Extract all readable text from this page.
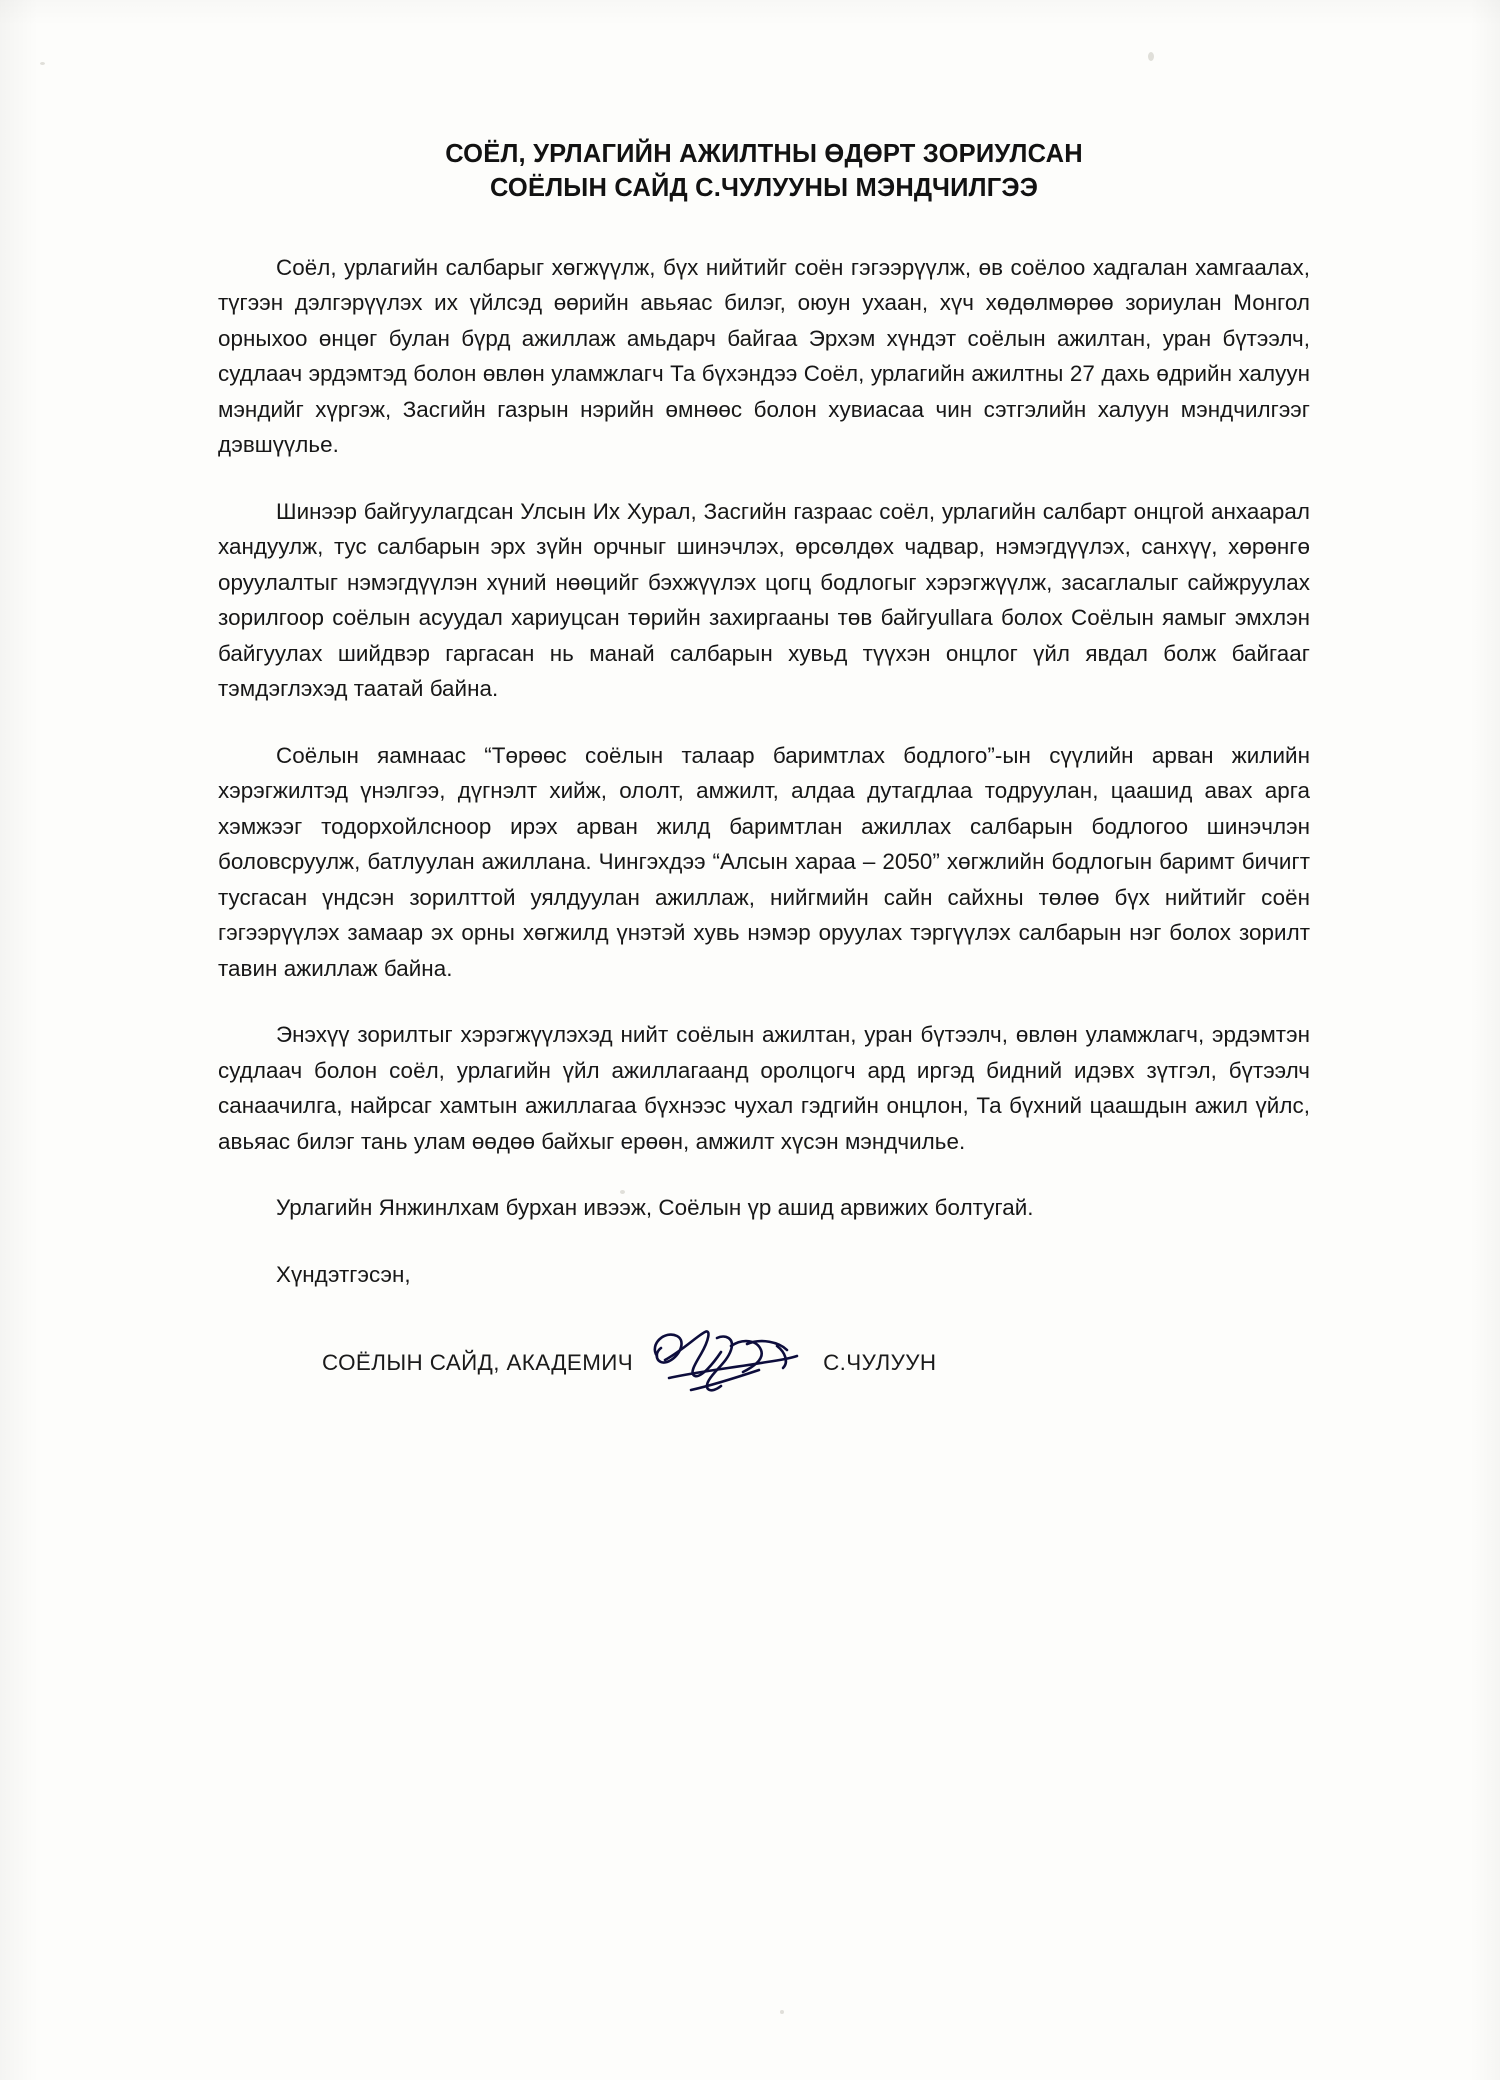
СОЁЛ, УРЛАГИЙН АЖИЛТНЫ ӨДӨРТ ЗОРИУЛСАН
СОЁЛЫН САЙД С.ЧУЛУУНЫ МЭНДЧИЛГЭЭ

Соёл, урлагийн салбарыг хөгжүүлж, бүх нийтийг соён гэгээрүүлж, өв соёлоо хадгалан хамгаалах, түгээн дэлгэрүүлэх их үйлсэд өөрийн авьяас билэг, оюун ухаан, хүч хөдөлмөрөө зориулан Монгол орныхоо өнцөг булан бүрд ажиллаж амьдарч байгаа Эрхэм хүндэт соёлын ажилтан, уран бүтээлч, судлаач эрдэмтэд болон өвлөн уламжлагч Та бүхэндээ Соёл, урлагийн ажилтны 27 дахь өдрийн халуун мэндийг хүргэж, Засгийн газрын нэрийн өмнөөс болон хувиасаа чин сэтгэлийн халуун мэндчилгээг дэвшүүлье.

Шинээр байгуулагдсан Улсын Их Хурал, Засгийн газраас соёл, урлагийн салбарт онцгой анхаарал хандуулж, тус салбарын эрх зүйн орчныг шинэчлэх, өрсөлдөх чадвар, нэмэгдүүлэх, санхүү, хөрөнгө оруулалтыг нэмэгдүүлэн хүний нөөцийг бэхжүүлэх цогц бодлогыг хэрэгжүүлж, засаглалыг сайжруулах зорилгоор соёлын асуудал хариуцсан төрийн захиргааны төв байгуullага болох Соёлын яамыг эмхлэн байгуулах шийдвэр гаргасан нь манай салбарын хувьд түүхэн онцлог үйл явдал болж байгааг тэмдэглэхэд таатай байна.

Соёлын яамнаас “Төрөөс соёлын талаар баримтлах бодлого”-ын сүүлийн арван жилийн хэрэгжилтэд үнэлгээ, дүгнэлт хийж, ололт, амжилт, алдаа дутагдлаа тодруулан, цаашид авах арга хэмжээг тодорхойлсноор ирэх арван жилд баримтлан ажиллах салбарын бодлогоо шинэчлэн боловсруулж, батлуулан ажиллана. Чингэхдээ “Алсын хараа – 2050” хөгжлийн бодлогын баримт бичигт тусгасан үндсэн зорилттой уялдуулан ажиллаж, нийгмийн сайн сайхны төлөө бүх нийтийг соён гэгээрүүлэх замаар эх орны хөгжилд үнэтэй хувь нэмэр оруулах тэргүүлэх салбарын нэг болох зорилт тавин ажиллаж байна.

Энэхүү зорилтыг хэрэгжүүлэхэд нийт соёлын ажилтан, уран бүтээлч, өвлөн уламжлагч, эрдэмтэн судлаач болон соёл, урлагийн үйл ажиллагаанд оролцогч ард иргэд бидний идэвх зүтгэл, бүтээлч санаачилга, найрсаг хамтын ажиллагаа бүхнээс чухал гэдгийн онцлон, Та бүхний цаашдын ажил үйлс, авьяас билэг тань улам өөдөө байхыг ерөөн, амжилт хүсэн мэндчилье.

Урлагийн Янжинлхам бурхан ивээж, Соёлын үр ашид арвижих болтугай.

Хүндэтгэсэн,

СОЁЛЫН САЙД, АКАДЕМИЧ	С.ЧУЛУУН
